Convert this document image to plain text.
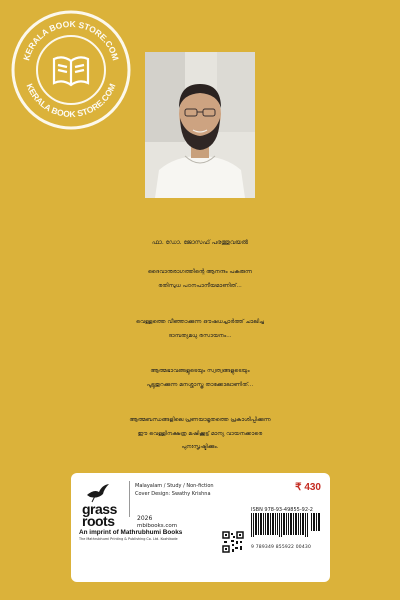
KERALA BOOK STORE.COM
KERALA BOOK STORE.COM
ഫാ. ഡോ. ജോസഫ് പരത്തുവയൽ
ദൈവാനുരാഗത്തിന്റെ ആനന്ദം പകരുന്ന
രതിസുധ പഠനപാനീയമാണിത്...
വെള്ളത്തെ വീഞ്ഞാക്കുന്ന ഔഷധച്ചാർത്ത് ചാലിച്ച
ദാമ്പത്യമധു രസായനം...
ആത്മഭാവങ്ങളുടെയും സ്വത്വങ്ങളുടെയും
പൂട്ടുതുറക്കുന്ന മനശ്ശാസ്ത്ര താക്കോലാണിത്...
ആത്മബന്ധങ്ങളിലെ പ്രണയാമൃതത്തെ പ്രകാശിപ്പിക്കുന്ന
ഈ വെള്ളിനക്ഷത്ര മഷിക്കൂട്ട് മാന്യ വായനക്കാരെ
പുനഃസൃഷ്ടിക്കും.
grass
roots
Malayalam / Study / Non-fiction
Cover Design: Swathy Krishna
₹ 430
2026
mbibooks.com
An imprint of Mathrubhumi Books
The Mathrubhumi Printing & Publishing Co. Ltd. Kozhikode
ISBN 978-93-49855-92-2
9 789349 855922 00430
